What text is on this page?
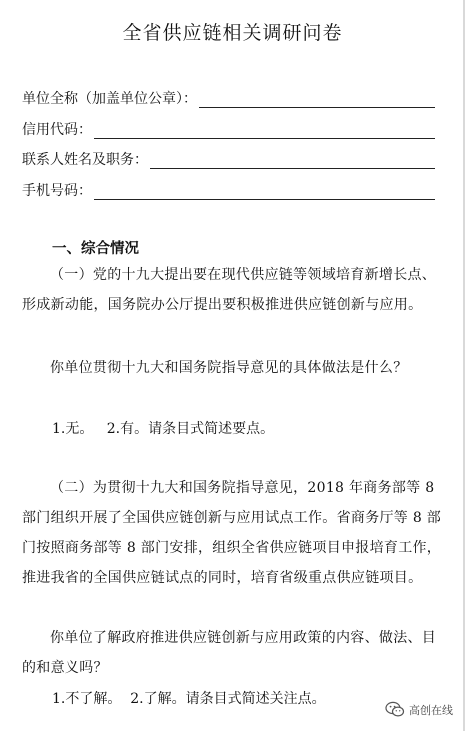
全省供应链相关调研问卷
单位全称（加盖单位公章）：
信用代码：
联系人姓名及职务：
手机号码：
一、综合情况

（一）党的十九大提出要在现代供应链等领域培育新增长点、形成新动能，国务院办公厅提出要积极推进供应链创新与应用。

你单位贯彻十九大和国务院指导意见的具体做法是什么？

1.无。   2.有。请条目式简述要点。

（二）为贯彻十九大和国务院指导意见，2018 年商务部等 8 部门组织开展了全国供应链创新与应用试点工作。省商务厅等 8 部门按照商务部等 8 部门安排，组织全省供应链项目申报培育工作，推进我省的全国供应链试点的同时，培育省级重点供应链项目。

你单位了解政府推进供应链创新与应用政策的内容、做法、目的和意义吗？

1.不了解。  2.了解。请条目式简述关注点。
高创在线
